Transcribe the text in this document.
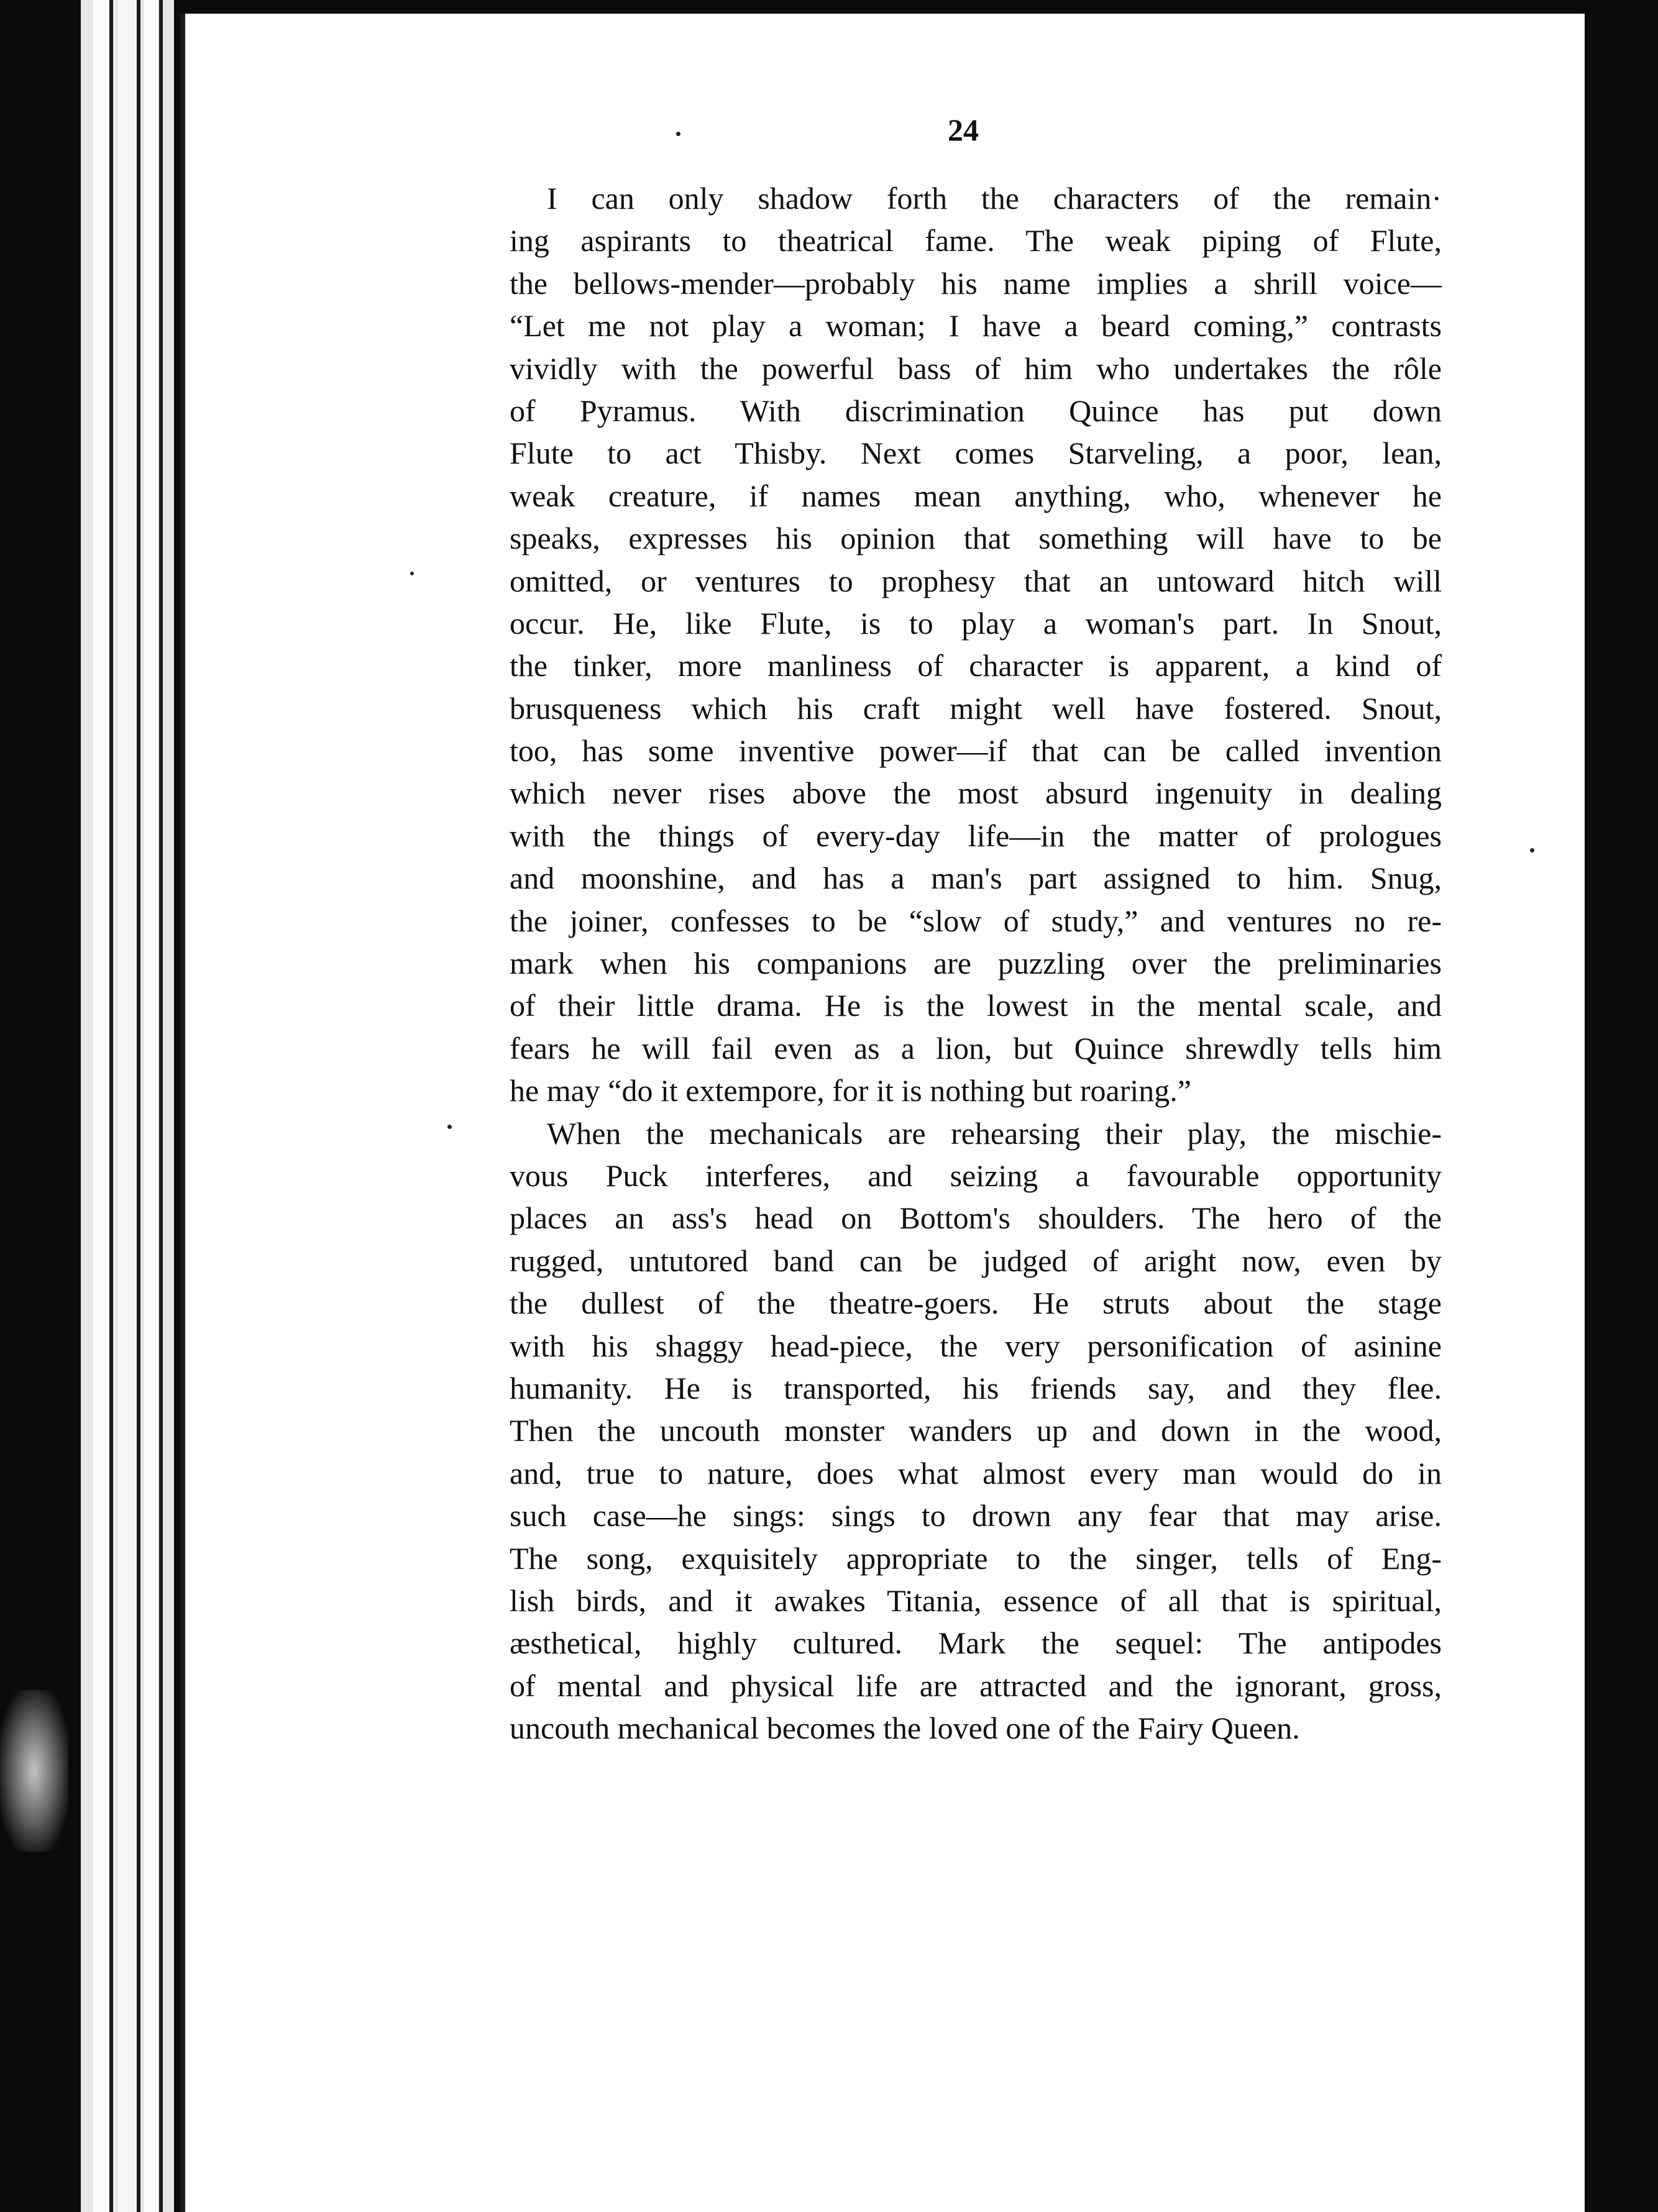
24
I can only shadow forth the characters of the remain·
ing aspirants to theatrical fame. The weak piping of Flute,
the bellows-mender—probably his name implies a shrill voice—
“Let me not play a woman; I have a beard coming,” contrasts
vividly with the powerful bass of him who undertakes the rôle
of Pyramus. With discrimination Quince has put down
Flute to act Thisby. Next comes Starveling, a poor, lean,
weak creature, if names mean anything, who, whenever he
speaks, expresses his opinion that something will have to be
omitted, or ventures to prophesy that an untoward hitch will
occur. He, like Flute, is to play a woman's part. In Snout,
the tinker, more manliness of character is apparent, a kind of
brusqueness which his craft might well have fostered. Snout,
too, has some inventive power—if that can be called invention
which never rises above the most absurd ingenuity in dealing
with the things of every-day life—in the matter of prologues
and moonshine, and has a man's part assigned to him. Snug,
the joiner, confesses to be “slow of study,” and ventures no re-
mark when his companions are puzzling over the preliminaries
of their little drama. He is the lowest in the mental scale, and
fears he will fail even as a lion, but Quince shrewdly tells him
he may “do it extempore, for it is nothing but roaring.”
When the mechanicals are rehearsing their play, the mischie-
vous Puck interferes, and seizing a favourable opportunity
places an ass's head on Bottom's shoulders. The hero of the
rugged, untutored band can be judged of aright now, even by
the dullest of the theatre-goers. He struts about the stage
with his shaggy head-piece, the very personification of asinine
humanity. He is transported, his friends say, and they flee.
Then the uncouth monster wanders up and down in the wood,
and, true to nature, does what almost every man would do in
such case—he sings: sings to drown any fear that may arise.
The song, exquisitely appropriate to the singer, tells of Eng-
lish birds, and it awakes Titania, essence of all that is spiritual,
æsthetical, highly cultured. Mark the sequel: The antipodes
of mental and physical life are attracted and the ignorant, gross,
uncouth mechanical becomes the loved one of the Fairy Queen.
